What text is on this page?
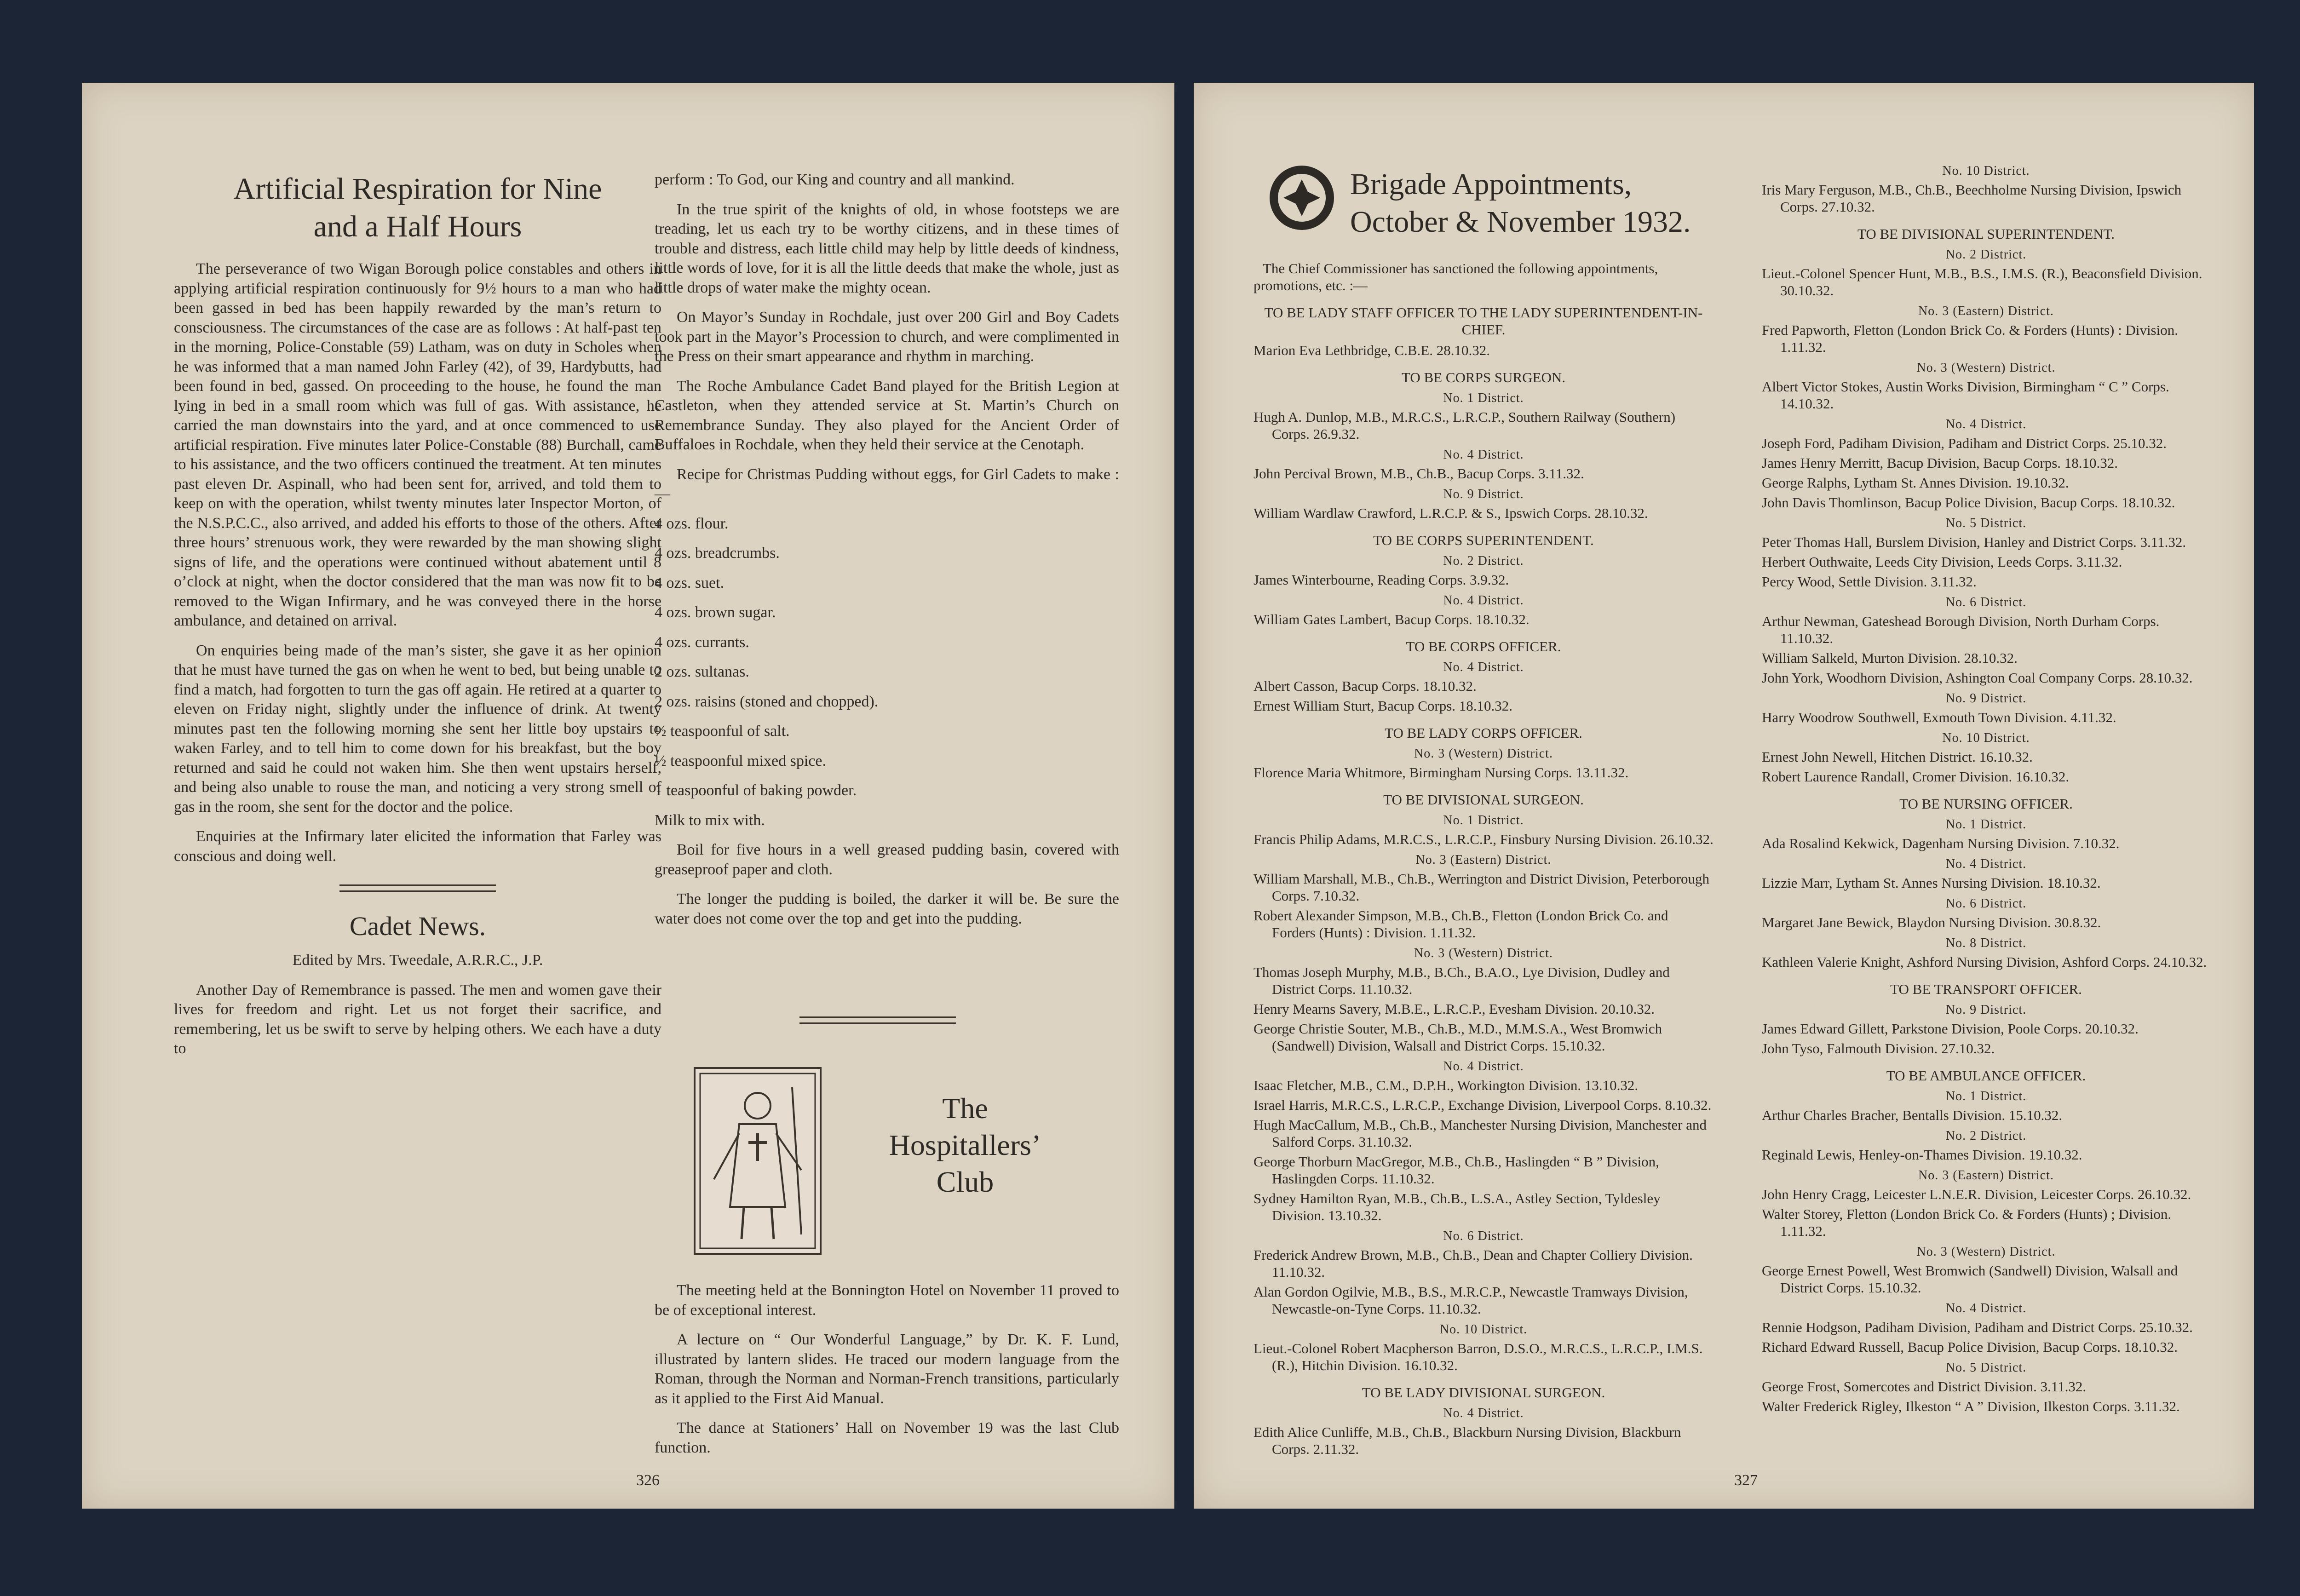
Artificial Respiration for Nine
and a Half Hours

The perseverance of two Wigan Borough police constables and others in applying artificial respiration continuously for 9½ hours to a man who had been gassed in bed has been happily rewarded by the man’s return to consciousness. The circumstances of the case are as follows : At half-past ten in the morning, Police-Constable (59) Latham, was on duty in Scholes when he was informed that a man named John Farley (42), of 39, Hardybutts, had been found in bed, gassed. On proceeding to the house, he found the man lying in bed in a small room which was full of gas. With assistance, he carried the man downstairs into the yard, and at once commenced to use artificial respiration. Five minutes later Police-Constable (88) Burchall, came to his assistance, and the two officers continued the treatment. At ten minutes past eleven Dr. Aspinall, who had been sent for, arrived, and told them to keep on with the operation, whilst twenty minutes later Inspector Morton, of the N.S.P.C.C., also arrived, and added his efforts to those of the others. After three hours’ strenuous work, they were rewarded by the man showing slight signs of life, and the operations were continued without abatement until 8 o’clock at night, when the doctor considered that the man was now fit to be removed to the Wigan Infirmary, and he was conveyed there in the horse ambulance, and detained on arrival.

On enquiries being made of the man’s sister, she gave it as her opinion that he must have turned the gas on when he went to bed, but being unable to find a match, had forgotten to turn the gas off again. He retired at a quarter to eleven on Friday night, slightly under the influence of drink. At twenty minutes past ten the following morning she sent her little boy upstairs to waken Farley, and to tell him to come down for his breakfast, but the boy returned and said he could not waken him. She then went upstairs herself, and being also unable to rouse the man, and noticing a very strong smell of gas in the room, she sent for the doctor and the police.

Enquiries at the Infirmary later elicited the information that Farley was conscious and doing well.

Cadet News.

Edited by Mrs. Tweedale, A.R.R.C., J.P.

Another Day of Remembrance is passed. The men and women gave their lives for freedom and right. Let us not forget their sacrifice, and remembering, let us be swift to serve by helping others. We each have a duty to

perform : To God, our King and country and all mankind.

In the true spirit of the knights of old, in whose footsteps we are treading, let us each try to be worthy citizens, and in these times of trouble and distress, each little child may help by little deeds of kindness, little words of love, for it is all the little deeds that make the whole, just as little drops of water make the mighty ocean.

On Mayor’s Sunday in Rochdale, just over 200 Girl and Boy Cadets took part in the Mayor’s Procession to church, and were complimented in the Press on their smart appearance and rhythm in marching.

The Roche Ambulance Cadet Band played for the British Legion at Castleton, when they attended service at St. Martin’s Church on Remembrance Sunday. They also played for the Ancient Order of Buffaloes in Rochdale, when they held their service at the Cenotaph.

Recipe for Christmas Pudding without eggs, for Girl Cadets to make :—

4 ozs. flour.

4 ozs. breadcrumbs.

4 ozs. suet.

4 ozs. brown sugar.

4 ozs. currants.

2 ozs. sultanas.

2 ozs. raisins (stoned and chopped).

½ teaspoonful of salt.

½ teaspoonful mixed spice.

1 teaspoonful of baking powder.

Milk to mix with.

Boil for five hours in a well greased pudding basin, covered with greaseproof paper and cloth.

The longer the pudding is boiled, the darker it will be. Be sure the water does not come over the top and get into the pudding.

The
Hospitallers’
Club

The meeting held at the Bonnington Hotel on November 11 proved to be of exceptional interest.

A lecture on “ Our Wonderful Language,” by Dr. K. F. Lund, illustrated by lantern slides. He traced our modern language from the Roman, through the Norman and Norman-French transitions, particularly as it applied to the First Aid Manual.

The dance at Stationers’ Hall on November 19 was the last Club function.

326
Brigade Appointments,
October & November 1932.
The Chief Commissioner has sanctioned the following appointments, promotions, etc. :—
TO BE LADY STAFF OFFICER TO THE LADY SUPERINTENDENT-IN-CHIEF.
Marion Eva Lethbridge, C.B.E. 28.10.32.
TO BE CORPS SURGEON.
No. 1 District.
Hugh A. Dunlop, M.B., M.R.C.S., L.R.C.P., Southern Railway (Southern) Corps. 26.9.32.
No. 4 District.
John Percival Brown, M.B., Ch.B., Bacup Corps. 3.11.32.
No. 9 District.
William Wardlaw Crawford, L.R.C.P. & S., Ipswich Corps. 28.10.32.
TO BE CORPS SUPERINTENDENT.
No. 2 District.
James Winterbourne, Reading Corps. 3.9.32.
No. 4 District.
William Gates Lambert, Bacup Corps. 18.10.32.
TO BE CORPS OFFICER.
No. 4 District.
Albert Casson, Bacup Corps. 18.10.32.
Ernest William Sturt, Bacup Corps. 18.10.32.
TO BE LADY CORPS OFFICER.
No. 3 (Western) District.
Florence Maria Whitmore, Birmingham Nursing Corps. 13.11.32.
TO BE DIVISIONAL SURGEON.
No. 1 District.
Francis Philip Adams, M.R.C.S., L.R.C.P., Finsbury Nursing Division. 26.10.32.
No. 3 (Eastern) District.
William Marshall, M.B., Ch.B., Werrington and District Division, Peterborough Corps. 7.10.32.
Robert Alexander Simpson, M.B., Ch.B., Fletton (London Brick Co. and Forders (Hunts) : Division. 1.11.32.
No. 3 (Western) District.
Thomas Joseph Murphy, M.B., B.Ch., B.A.O., Lye Division, Dudley and District Corps. 11.10.32.
Henry Mearns Savery, M.B.E., L.R.C.P., Evesham Division. 20.10.32.
George Christie Souter, M.B., Ch.B., M.D., M.M.S.A., West Bromwich (Sandwell) Division, Walsall and District Corps. 15.10.32.
No. 4 District.
Isaac Fletcher, M.B., C.M., D.P.H., Workington Division. 13.10.32.
Israel Harris, M.R.C.S., L.R.C.P., Exchange Division, Liverpool Corps. 8.10.32.
Hugh MacCallum, M.B., Ch.B., Manchester Nursing Division, Manchester and Salford Corps. 31.10.32.
George Thorburn MacGregor, M.B., Ch.B., Haslingden “ B ” Division, Haslingden Corps. 11.10.32.
Sydney Hamilton Ryan, M.B., Ch.B., L.S.A., Astley Section, Tyldesley Division. 13.10.32.
No. 6 District.
Frederick Andrew Brown, M.B., Ch.B., Dean and Chapter Colliery Division. 11.10.32.
Alan Gordon Ogilvie, M.B., B.S., M.R.C.P., Newcastle Tramways Division, Newcastle-on-Tyne Corps. 11.10.32.
No. 10 District.
Lieut.-Colonel Robert Macpherson Barron, D.S.O., M.R.C.S., L.R.C.P., I.M.S. (R.), Hitchin Division. 16.10.32.
TO BE LADY DIVISIONAL SURGEON.
No. 4 District.
Edith Alice Cunliffe, M.B., Ch.B., Blackburn Nursing Division, Blackburn Corps. 2.11.32.
No. 10 District.
Iris Mary Ferguson, M.B., Ch.B., Beechholme Nursing Division, Ipswich Corps. 27.10.32.
TO BE DIVISIONAL SUPERINTENDENT.
No. 2 District.
Lieut.-Colonel Spencer Hunt, M.B., B.S., I.M.S. (R.), Beaconsfield Division. 30.10.32.
No. 3 (Eastern) District.
Fred Papworth, Fletton (London Brick Co. & Forders (Hunts) : Division. 1.11.32.
No. 3 (Western) District.
Albert Victor Stokes, Austin Works Division, Birmingham “ C ” Corps. 14.10.32.
No. 4 District.
Joseph Ford, Padiham Division, Padiham and District Corps. 25.10.32.
James Henry Merritt, Bacup Division, Bacup Corps. 18.10.32.
George Ralphs, Lytham St. Annes Division. 19.10.32.
John Davis Thomlinson, Bacup Police Division, Bacup Corps. 18.10.32.
No. 5 District.
Peter Thomas Hall, Burslem Division, Hanley and District Corps. 3.11.32.
Herbert Outhwaite, Leeds City Division, Leeds Corps. 3.11.32.
Percy Wood, Settle Division. 3.11.32.
No. 6 District.
Arthur Newman, Gateshead Borough Division, North Durham Corps. 11.10.32.
William Salkeld, Murton Division. 28.10.32.
John York, Woodhorn Division, Ashington Coal Company Corps. 28.10.32.
No. 9 District.
Harry Woodrow Southwell, Exmouth Town Division. 4.11.32.
No. 10 District.
Ernest John Newell, Hitchen District. 16.10.32.
Robert Laurence Randall, Cromer Division. 16.10.32.
TO BE NURSING OFFICER.
No. 1 District.
Ada Rosalind Kekwick, Dagenham Nursing Division. 7.10.32.
No. 4 District.
Lizzie Marr, Lytham St. Annes Nursing Division. 18.10.32.
No. 6 District.
Margaret Jane Bewick, Blaydon Nursing Division. 30.8.32.
No. 8 District.
Kathleen Valerie Knight, Ashford Nursing Division, Ashford Corps. 24.10.32.
TO BE TRANSPORT OFFICER.
No. 9 District.
James Edward Gillett, Parkstone Division, Poole Corps. 20.10.32.
John Tyso, Falmouth Division. 27.10.32.
TO BE AMBULANCE OFFICER.
No. 1 District.
Arthur Charles Bracher, Bentalls Division. 15.10.32.
No. 2 District.
Reginald Lewis, Henley-on-Thames Division. 19.10.32.
No. 3 (Eastern) District.
John Henry Cragg, Leicester L.N.E.R. Division, Leicester Corps. 26.10.32.
Walter Storey, Fletton (London Brick Co. & Forders (Hunts) ; Division. 1.11.32.
No. 3 (Western) District.
George Ernest Powell, West Bromwich (Sandwell) Division, Walsall and District Corps. 15.10.32.
No. 4 District.
Rennie Hodgson, Padiham Division, Padiham and District Corps. 25.10.32.
Richard Edward Russell, Bacup Police Division, Bacup Corps. 18.10.32.
No. 5 District.
George Frost, Somercotes and District Division. 3.11.32.
Walter Frederick Rigley, Ilkeston “ A ” Division, Ilkeston Corps. 3.11.32.
327
